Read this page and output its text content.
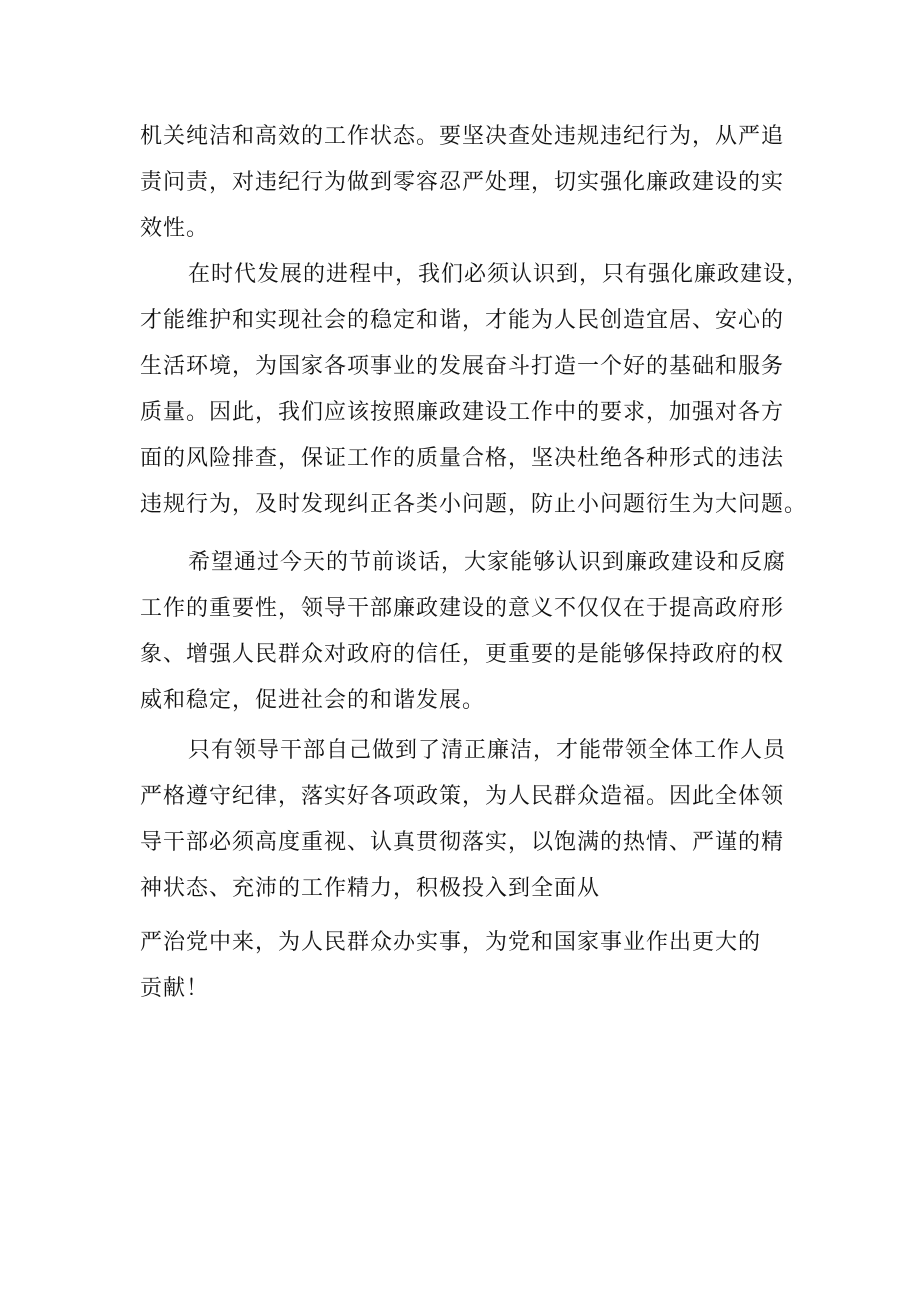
机关纯洁和高效的工作状态。要坚决查处违规违纪行为，从严追
责问责，对违纪行为做到零容忍严处理，切实强化廉政建设的实
效性。
在时代发展的进程中，我们必须认识到，只有强化廉政建设，
才能维护和实现社会的稳定和谐，才能为人民创造宜居、安心的
生活环境，为国家各项事业的发展奋斗打造一个好的基础和服务
质量。因此，我们应该按照廉政建设工作中的要求，加强对各方
面的风险排查，保证工作的质量合格，坚决杜绝各种形式的违法
违规行为，及时发现纠正各类小问题，防止小问题衍生为大问题。
希望通过今天的节前谈话，大家能够认识到廉政建设和反腐
工作的重要性，领导干部廉政建设的意义不仅仅在于提高政府形
象、增强人民群众对政府的信任，更重要的是能够保持政府的权
威和稳定，促进社会的和谐发展。
只有领导干部自己做到了清正廉洁，才能带领全体工作人员
严格遵守纪律，落实好各项政策，为人民群众造福。因此全体领
导干部必须高度重视、认真贯彻落实，以饱满的热情、严谨的精
神状态、充沛的工作精力，积极投入到全面从
严治党中来，为人民群众办实事，为党和国家事业作出更大的
贡献！
